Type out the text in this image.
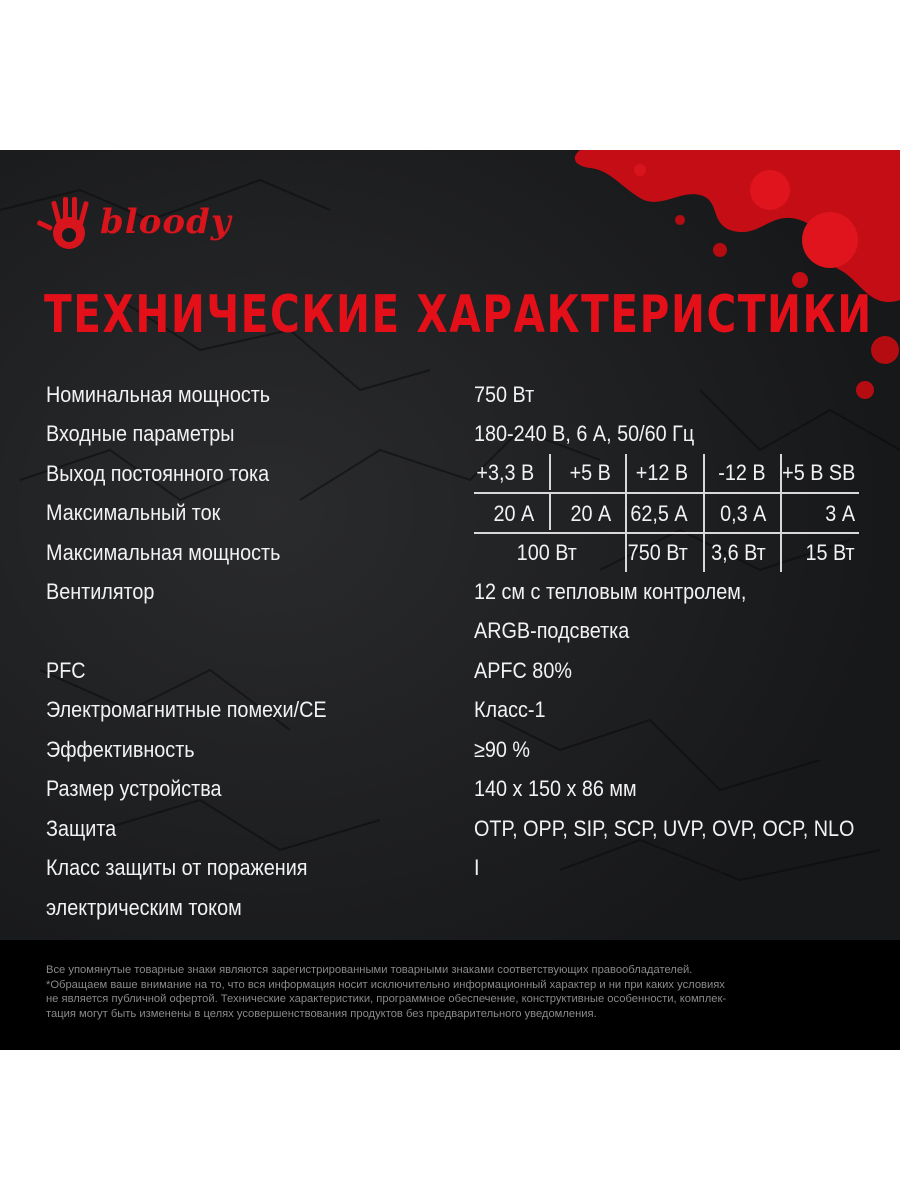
bloody
ТЕХНИЧЕСКИЕ ХАРАКТЕРИСТИКИ
Номинальная мощность
Входные параметры
Выход постоянного тока
Максимальный ток
Максимальная мощность
Вентилятор
PFC
Электромагнитные помехи/CE
Эффективность
Размер устройства
Защита
Класс защиты от поражения
электрическим током
750 Вт
180-240 В, 6 А, 50/60 Гц
12 см с тепловым контролем,
ARGB-подсветка
APFC 80%
Класс-1
≥90 %
140 x 150 x 86 мм
OTP, OPP, SIP, SCP, UVP, OVP, OCP, NLO
I
+3,3 В +5 В +12 В -12 В +5 В SB
20 А 20 А 62,5 А 0,3 А	3 А
100 Вт 750 Вт 3,6 Вт 15 Вт
Все упомянутые товарные знаки являются зарегистрированными товарными знаками соответствующих правообладателей.
*Обращаем ваше внимание на то, что вся информация носит исключительно информационный характер и ни при каких условиях
не является публичной офертой. Технические характеристики, программное обеспечение, конструктивные особенности, комплек-
тация могут быть изменены в целях усовершенствования продуктов без предварительного уведомления.
